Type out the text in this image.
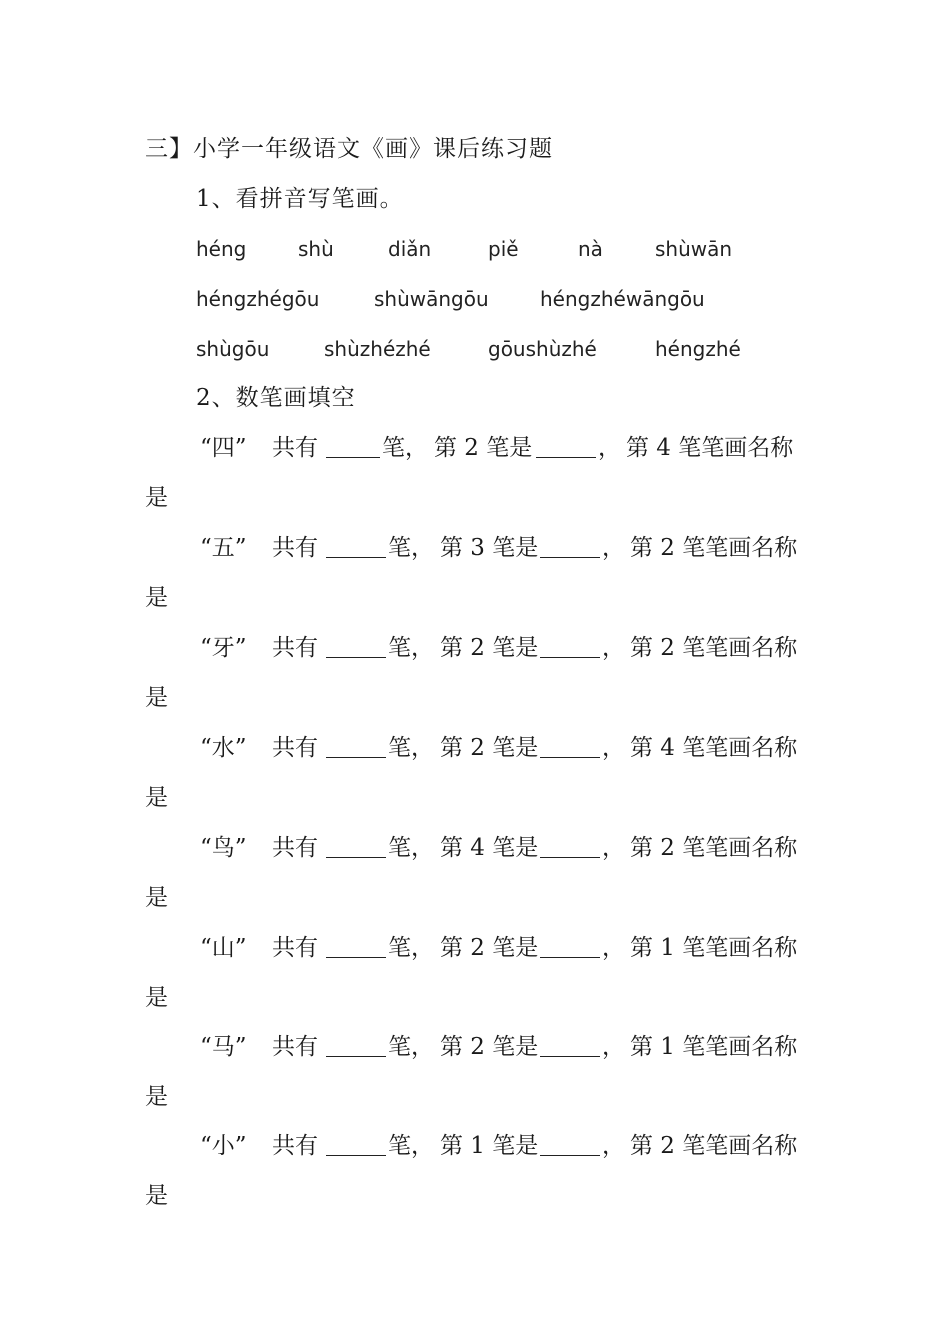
三】小学一年级语文《画》课后练习题
1、看拼音写笔画。
héng	shù	diǎn	piě	nà	shùwān
héngzhégōu	shùwāngōu	héngzhéwāngōu
shùgōu	shùzhézhé	gōushùzhé	héngzhé
2、数笔画填空
“四” 共有	笔， 第 2 笔是	， 第 4 笔笔画名称
是
“五” 共有	笔， 第 3 笔是	， 第 2 笔笔画名称
是
“牙” 共有	笔， 第 2 笔是	， 第 2 笔笔画名称
是
“水” 共有	笔， 第 2 笔是	， 第 4 笔笔画名称
是
“鸟” 共有	笔， 第 4 笔是	， 第 2 笔笔画名称
是
“山” 共有	笔， 第 2 笔是	， 第 1 笔笔画名称
是
“马” 共有	笔， 第 2 笔是	， 第 1 笔笔画名称
是
“小” 共有	笔， 第 1 笔是	， 第 2 笔笔画名称
是
